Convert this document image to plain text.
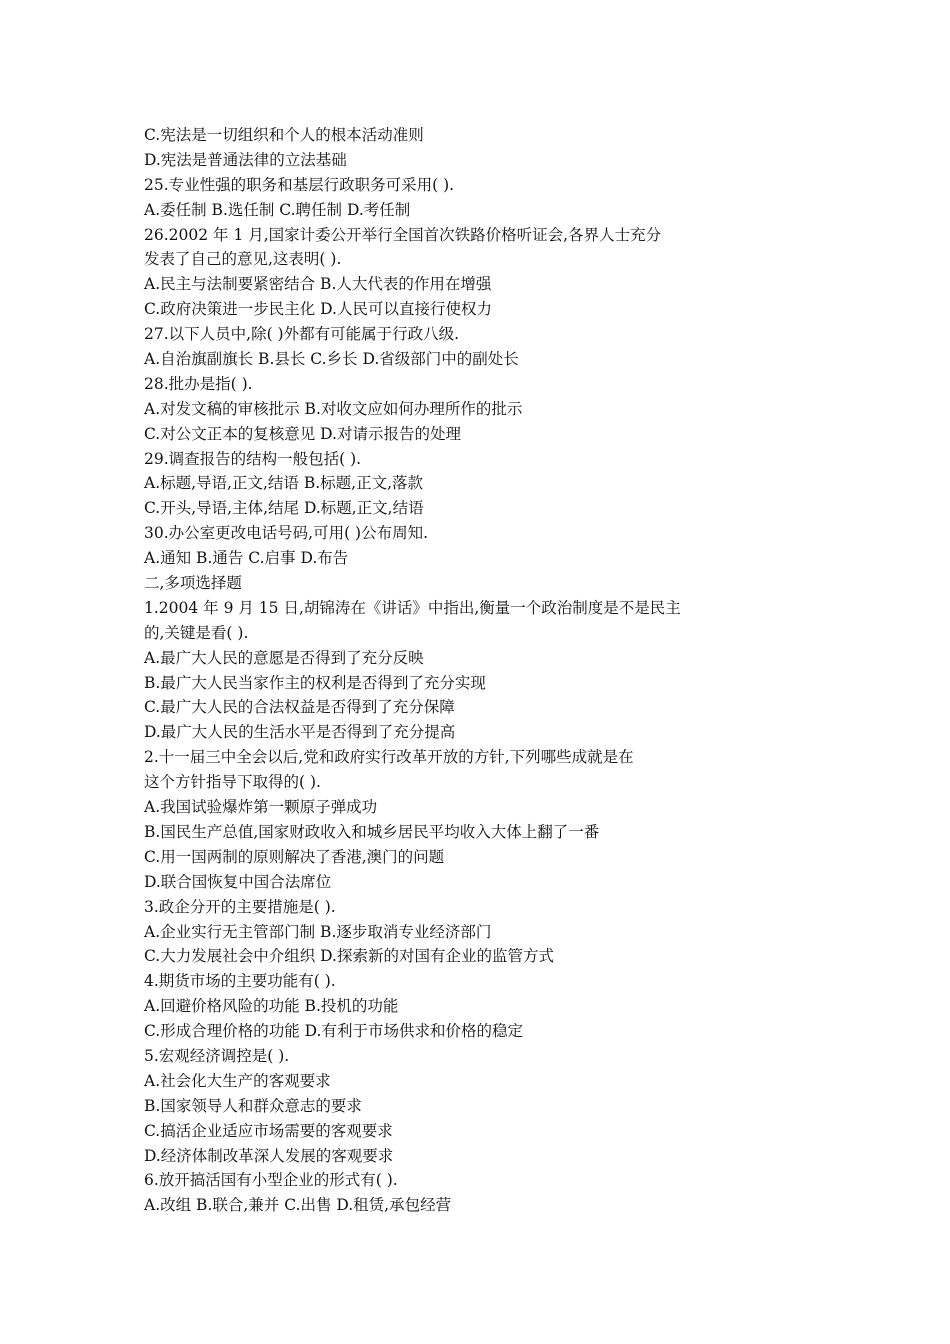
C.宪法是一切组织和个人的根本活动准则

D.宪法是普通法律的立法基础

25.专业性强的职务和基层行政职务可采用( ).

A.委任制 B.选任制 C.聘任制 D.考任制

26.2002 年 1 月,国家计委公开举行全国首次铁路价格听证会,各界人士充分

发表了自己的意见,这表明( ).

A.民主与法制要紧密结合 B.人大代表的作用在增强

C.政府决策进一步民主化 D.人民可以直接行使权力

27.以下人员中,除( )外都有可能属于行政八级.

A.自治旗副旗长 B.县长 C.乡长 D.省级部门中的副处长

28.批办是指( ).

A.对发文稿的审核批示 B.对收文应如何办理所作的批示

C.对公文正本的复核意见 D.对请示报告的处理

29.调查报告的结构一般包括( ).

A.标题,导语,正文,结语 B.标题,正文,落款

C.开头,导语,主体,结尾 D.标题,正文,结语

30.办公室更改电话号码,可用( )公布周知.

A.通知 B.通告 C.启事 D.布告

二,多项选择题

1.2004 年 9 月 15 日,胡锦涛在《讲话》中指出,衡量一个政治制度是不是民主

的,关键是看( ).

A.最广大人民的意愿是否得到了充分反映

B.最广大人民当家作主的权利是否得到了充分实现

C.最广大人民的合法权益是否得到了充分保障

D.最广大人民的生活水平是否得到了充分提高

2.十一届三中全会以后,党和政府实行改革开放的方针,下列哪些成就是在

这个方针指导下取得的( ).

A.我国试验爆炸第一颗原子弹成功

B.国民生产总值,国家财政收入和城乡居民平均收入大体上翻了一番

C.用一国两制的原则解决了香港,澳门的问题

D.联合国恢复中国合法席位

3.政企分开的主要措施是( ).

A.企业实行无主管部门制 B.逐步取消专业经济部门

C.大力发展社会中介组织 D.探索新的对国有企业的监管方式

4.期货市场的主要功能有( ).

A.回避价格风险的功能 B.投机的功能

C.形成合理价格的功能 D.有利于市场供求和价格的稳定

5.宏观经济调控是( ).

A.社会化大生产的客观要求

B.国家领导人和群众意志的要求

C.搞活企业适应市场需要的客观要求

D.经济体制改革深人发展的客观要求

6.放开搞活国有小型企业的形式有( ).

A.改组 B.联合,兼并 C.出售 D.租赁,承包经营
